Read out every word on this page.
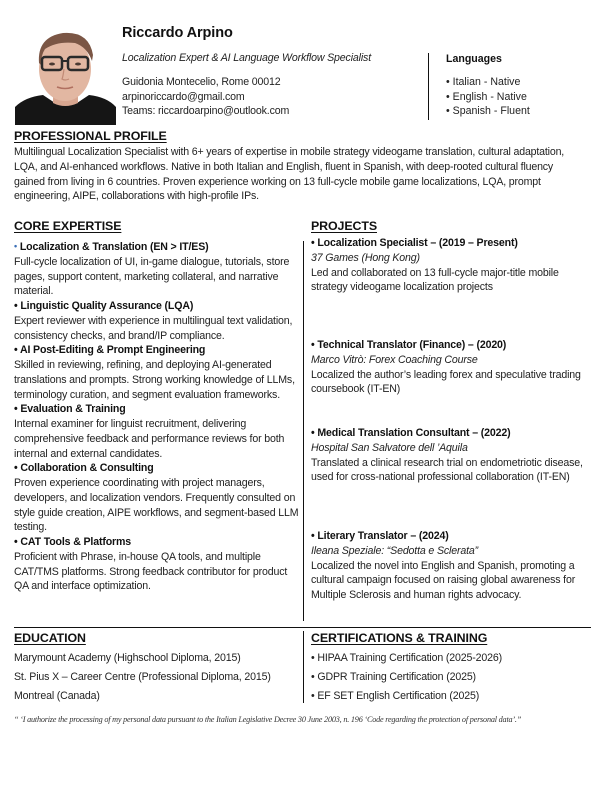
Riccardo Arpino
Localization Expert & AI Language Workflow Specialist
Guidonia Montecelio, Rome 00012
arpinoriccardo@gmail.com
Teams: riccardoarpino@outlook.com
Languages
• Italian - Native
• English - Native
• Spanish - Fluent
PROFESSIONAL PROFILE
Multilingual Localization Specialist with 6+ years of expertise in mobile strategy videogame translation, cultural adaptation, LQA, and AI-enhanced workflows. Native in both Italian and English, fluent in Spanish, with deep-rooted cultural fluency gained from living in 6 countries. Proven experience working on 13 full-cycle mobile game localizations, LQA, prompt engineering, AIPE, collaborations with high-profile IPs.
CORE EXPERTISE
• Localization & Translation (EN > IT/ES)
Full-cycle localization of UI, in-game dialogue, tutorials, store pages, support content, marketing collateral, and narrative material.
• Linguistic Quality Assurance (LQA)
Expert reviewer with experience in multilingual text validation, consistency checks, and brand/IP compliance.
• AI Post-Editing & Prompt Engineering
Skilled in reviewing, refining, and deploying AI-generated translations and prompts. Strong working knowledge of LLMs, terminology curation, and segment evaluation frameworks.
• Evaluation & Training
Internal examiner for linguist recruitment, delivering comprehensive feedback and performance reviews for both internal and external candidates.
• Collaboration & Consulting
Proven experience coordinating with project managers, developers, and localization vendors. Frequently consulted on style guide creation, AIPE workflows, and segment-based LLM testing.
• CAT Tools & Platforms
Proficient with Phrase, in-house QA tools, and multiple CAT/TMS platforms. Strong feedback contributor for product QA and interface optimization.
PROJECTS
• Localization Specialist – (2019 – Present)
37 Games (Hong Kong)
Led and collaborated on 13 full-cycle major-title mobile strategy videogame localization projects
• Technical Translator (Finance) – (2020)
Marco Vitrò: Forex Coaching Course
Localized the author’s leading forex and speculative trading coursebook (IT-EN)
• Medical Translation Consultant – (2022)
Hospital San Salvatore dell ’Aquila
Translated a clinical research trial on endometriotic disease, used for cross-national professional collaboration (IT-EN)
• Literary Translator – (2024)
Ileana Speziale: “Sedotta e Sclerata”
Localized the novel into English and Spanish, promoting a cultural campaign focused on raising global awareness for Multiple Sclerosis and human rights advocacy.
EDUCATION
Marymount Academy (Highschool Diploma, 2015)
St. Pius X – Career Centre (Professional Diploma, 2015)
Montreal (Canada)
CERTIFICATIONS & TRAINING
• HIPAA Training Certification (2025-2026)
• GDPR Training Certification (2025)
• EF SET English Certification (2025)
“ ‘I authorize the processing of my personal data pursuant to the Italian Legislative Decree 30 June 2003, n. 196 ‘Code regarding the protection of personal data’.”
